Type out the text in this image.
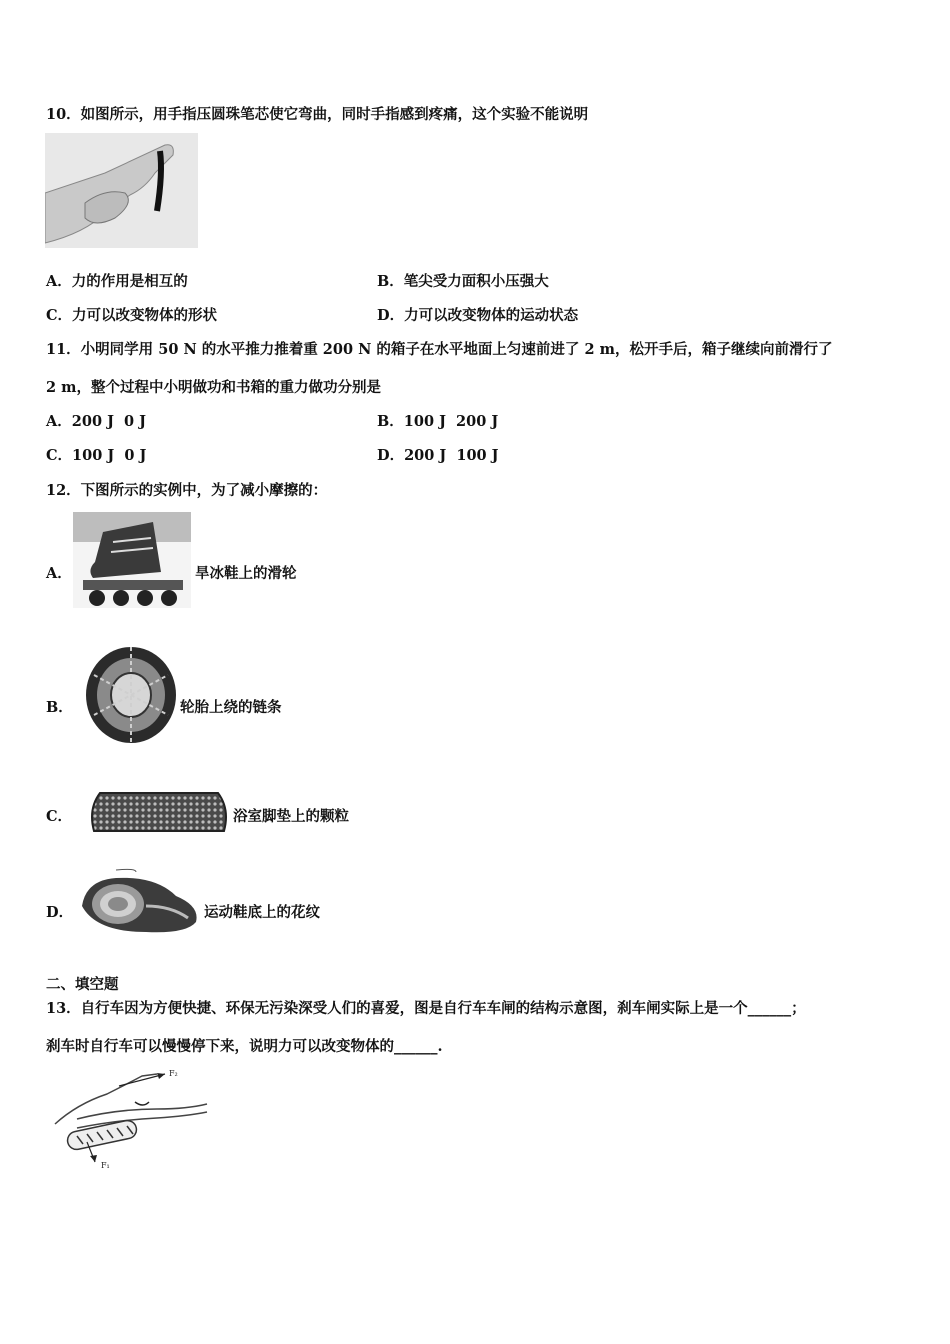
10．如图所示，用手指压圆珠笔芯使它弯曲，同时手指感到疼痛，这个实验不能说明
A．力的作用是相互的	B．笔尖受力面积小压强大
C．力可以改变物体的形状	D．力可以改变物体的运动状态
11．小明同学用 50 N 的水平推力推着重 200 N 的箱子在水平地面上匀速前进了 2 m，松开手后，箱子继续向前滑行了
2 m，整个过程中小明做功和书箱的重力做功分别是
A．200 J  0 J	B．100 J  200 J
C．100 J  0 J	D．200 J  100 J
12．下图所示的实例中，为了减小摩擦的：
A．	旱冰鞋上的滑轮
B．	轮胎上绕的链条
C．	浴室脚垫上的颗粒
D．	运动鞋底上的花纹
二、填空题
13．自行车因为方便快捷、环保无污染深受人们的喜爱，图是自行车车闸的结构示意图，刹车闸实际上是一个______；
刹车时自行车可以慢慢停下来，说明力可以改变物体的______.
F₂
F₁
